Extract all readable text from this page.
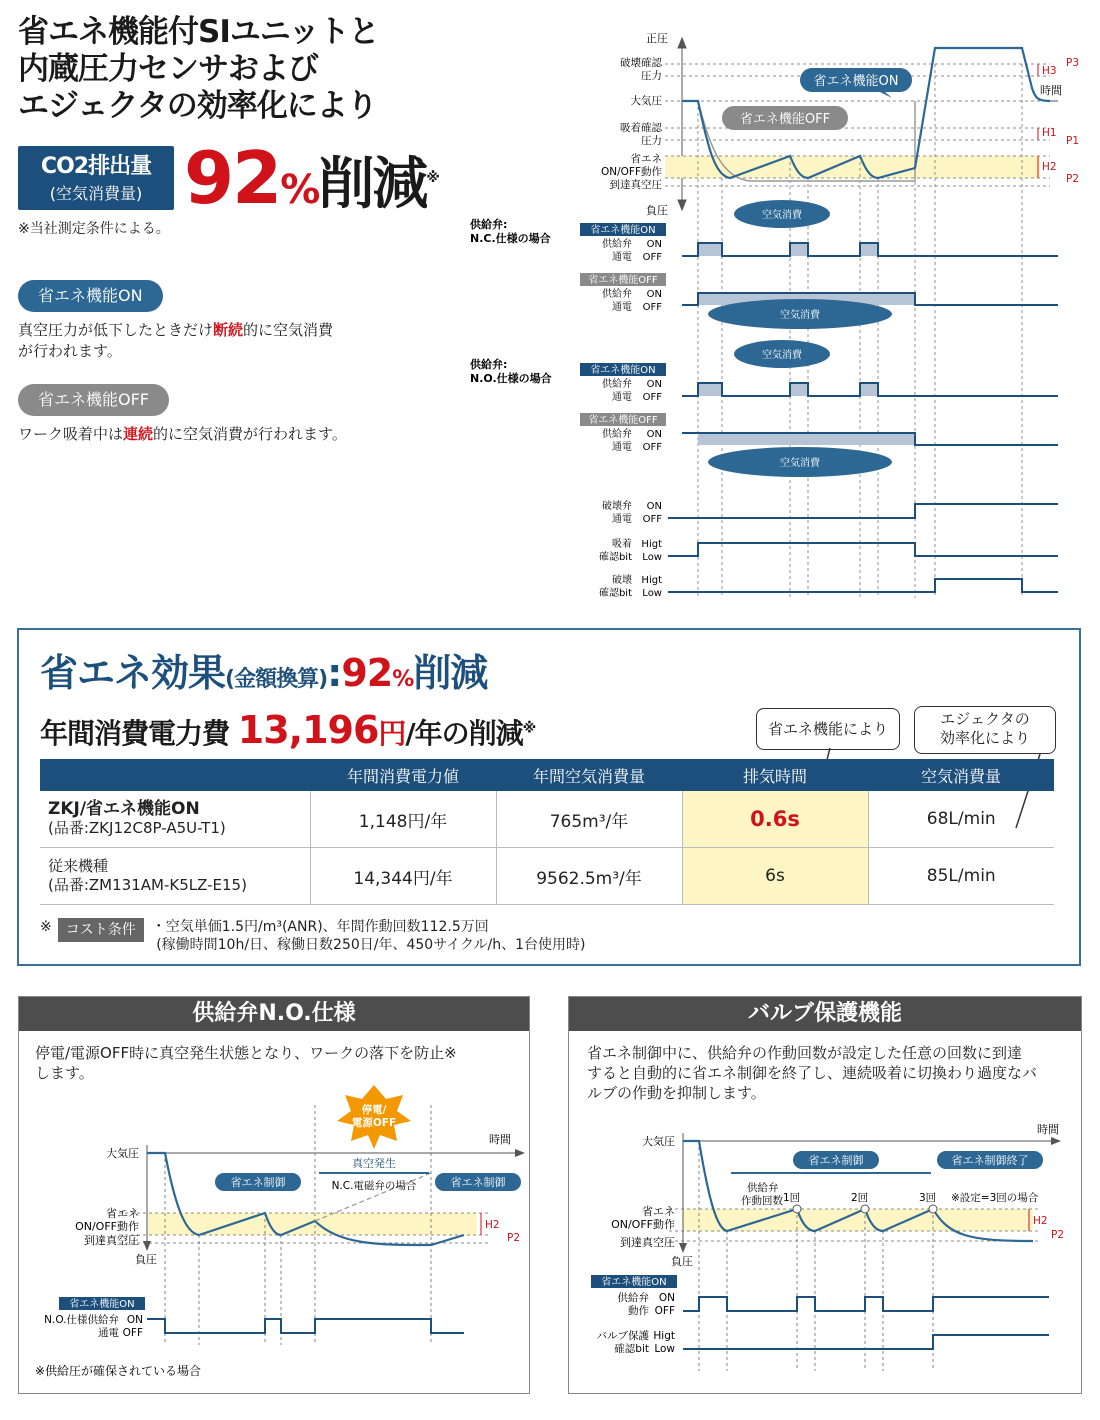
省エネ機能付SIユニットと
内蔵圧力センサおよび
エジェクタの効率化により
CO2排出量
(空気消費量) 92%削減※
※当社測定条件による。
省エネ機能ON
真空圧力が低下したときだけ断続的に空気消費
が行われます。
省エネ機能OFF
ワーク吸着中は連続的に空気消費が行われます。
正圧
負圧
破壊確認
圧力
大気圧
吸着確認
圧力
省エネ
ON/OFF動作
到達真空圧
時間
H3
P3
H1
P1
H2
P2
省エネ機能ON
省エネ機能OFF
供給弁:
N.C.仕様の場合
省エネ機能ON
供給弁
通電
ON
OFF
空気消費
省エネ機能OFF
供給弁
通電
ON
OFF
空気消費
供給弁:
N.O.仕様の場合
省エネ機能ON
供給弁
通電
ON
OFF
空気消費
省エネ機能OFF
供給弁
通電
ON
OFF
空気消費
破壊弁
通電
ON
OFF
吸着
確認bit
Higt
Low
破壊
確認bit
Higt
Low
省エネ効果(金額換算):92%削減
年間消費電力費 13,196円/年の削減※	省エネ機能により
エジェクタの
効率化により
	年間消費電力値	年間空気消費量	排気時間	空気消費量
ZKJ/省エネ機能ON
(品番:ZKJ12C8P-A5U-T1)	1,148円/年	765m³/年	0.6s	68L/min
従来機種
(品番:ZM131AM-K5LZ-E15)	14,344円/年	9562.5m³/年	6s	85L/min
※ コスト条件 ・空気単価1.5円/m³(ANR)、年間作動回数112.5万回
(稼働時間10h/日、稼働日数250日/年、450サイクル/h、1台使用時)
供給弁N.O.仕様
停電/電源OFF時に真空発生状態となり、ワークの落下を防止※
します。
大気圧
省エネ
ON/OFF動作
到達真空圧
負圧
時間
省エネ制御	省エネ制御
真空発生
N.C.電磁弁の場合
停電/
電源OFF
H2
P2
省エネ機能ON
N.O.仕様供給弁
通電
ON
OFF
※供給圧が確保されている場合
バルブ保護機能
省エネ制御中に、供給弁の作動回数が設定した任意の回数に到達
すると自動的に省エネ制御を終了し、連続吸着に切換わり過度なバ
ルブの作動を抑制します。
大気圧
省エネ
ON/OFF動作
到達真空圧
負圧
時間
省エネ制御	省エネ制御終了
供給弁
作動回数 1回	2回	3回 ※設定=3回の場合
H2
P2
省エネ機能ON
供給弁
動作
ON
OFF
バルブ保護
確認bit
Higt
Low
